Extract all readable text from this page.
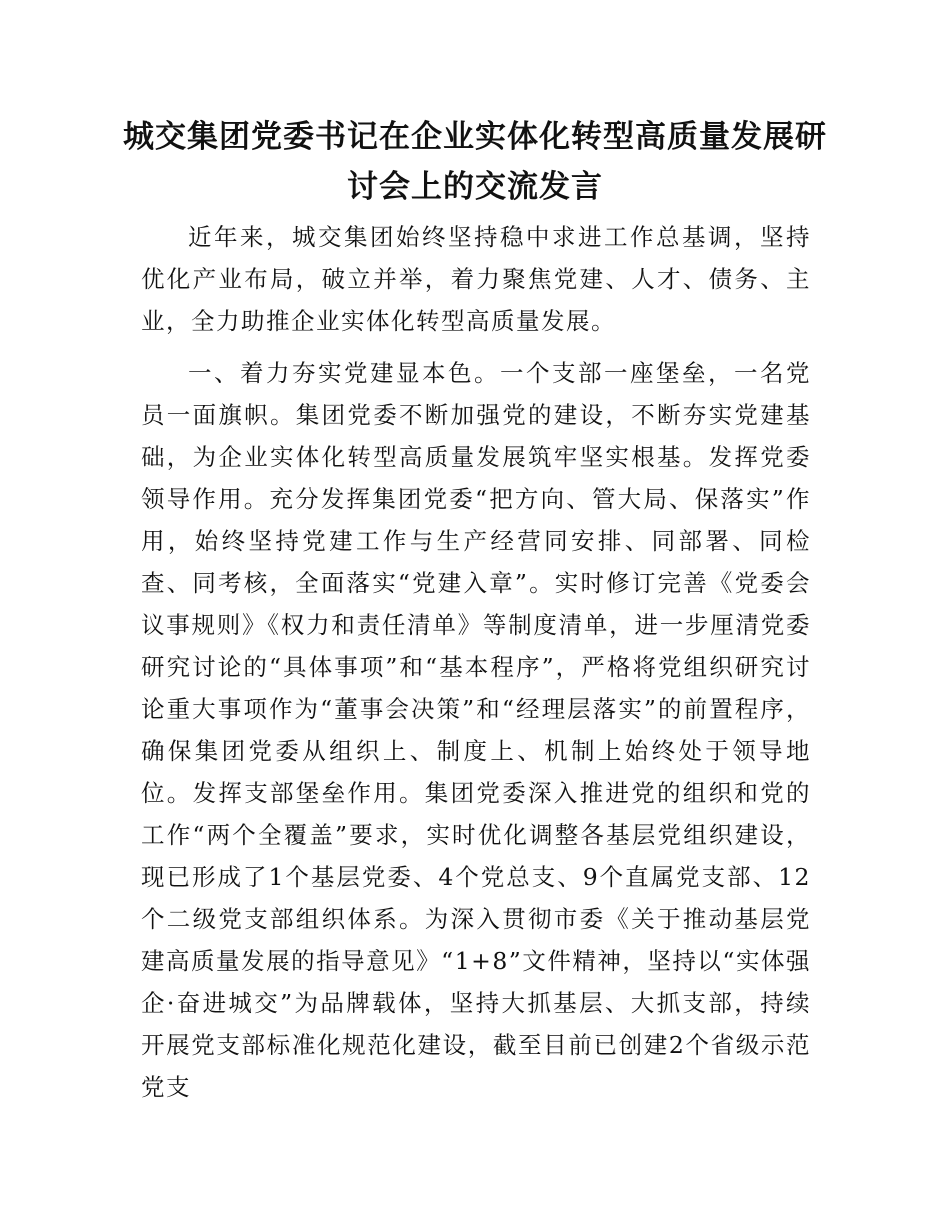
城交集团党委书记在企业实体化转型高质量发展研讨会上的交流发言

近年来，城交集团始终坚持稳中求进工作总基调，坚持优化产业布局，破立并举，着力聚焦党建、人才、债务、主业，全力助推企业实体化转型高质量发展。

一、着力夯实党建显本色。一个支部一座堡垒，一名党员一面旗帜。集团党委不断加强党的建设，不断夯实党建基础，为企业实体化转型高质量发展筑牢坚实根基。发挥党委领导作用。充分发挥集团党委“把方向、管大局、保落实”作用，始终坚持党建工作与生产经营同安排、同部署、同检查、同考核，全面落实“党建入章”。实时修订完善《党委会议事规则》《权力和责任清单》等制度清单，进一步厘清党委研究讨论的“具体事项”和“基本程序”，严格将党组织研究讨论重大事项作为“董事会决策”和“经理层落实”的前置程序，确保集团党委从组织上、制度上、机制上始终处于领导地位。发挥支部堡垒作用。集团党委深入推进党的组织和党的工作“两个全覆盖”要求，实时优化调整各基层党组织建设，现已形成了1个基层党委、4个党总支、9个直属党支部、12个二级党支部组织体系。为深入贯彻市委《关于推动基层党建高质量发展的指导意见》“1+8”文件精神，坚持以“实体强企·奋进城交”为品牌载体，坚持大抓基层、大抓支部，持续开展党支部标准化规范化建设，截至目前已创建2个省级示范党支
